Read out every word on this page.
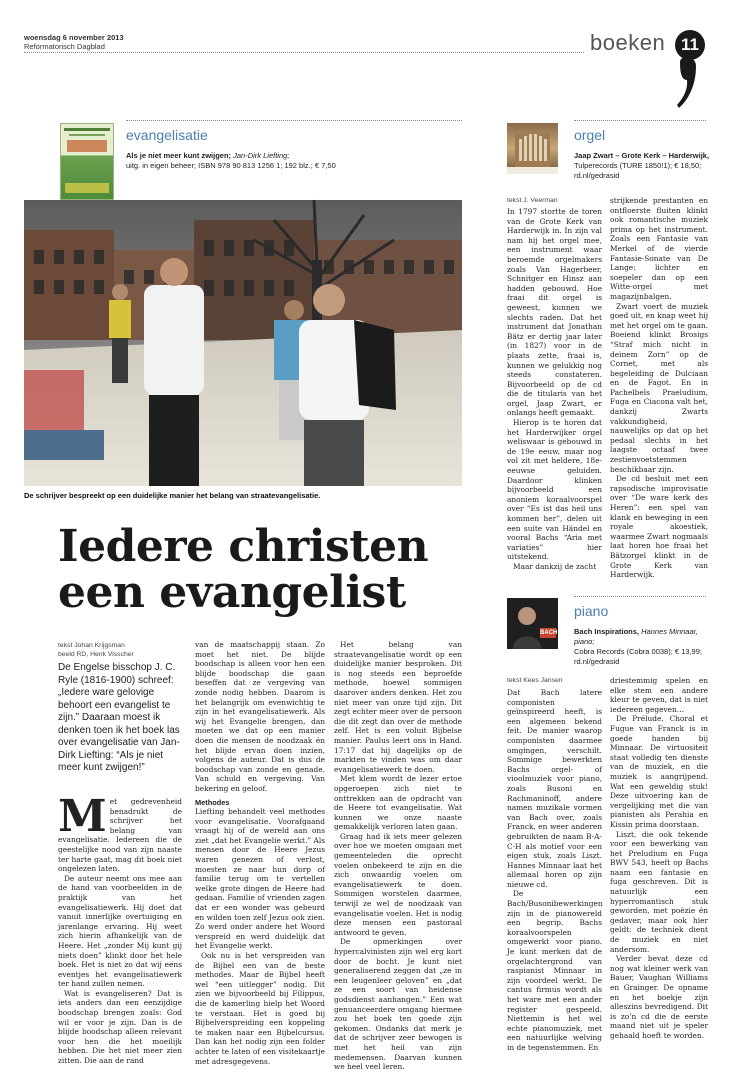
woensdag 6 november 2013
Reformatorisch Dagblad	boeken 11
evangelisatie
Als je niet meer kunt zwijgen; Jan-Dirk Liefting;
uitg. in eigen beheer; ISBN 978 90 813 1256 1; 192 blz.; € 7,50
De schrijver bespreekt op een duidelijke manier het belang van straatevangelisatie.
Iedere christen
een evangelist
tekst Johan Krijgsman
beeld RD, Henk Visscher
De Engelse bisschop J. C. Ryle (1816-1900) schreef: „Iedere ware gelovige behoort een evangelist te zijn.” Daaraan moest ik denken toen ik het boek las over evangelisatie van Jan-Dirk Liefting: “Als je niet meer kunt zwijgen!”
M et gedrevenheid benadrukt de schrijver het belang van evangelisatie. Iedereen die de geestelijke nood van zijn naaste ter harte gaat, mag dit boek niet ongelezen laten.

De auteur neemt ons mee aan de hand van voorbeelden in de praktijk van het evangelisatiewerk. Hij doet dat vanuit innerlijke overtuiging en jarenlange ervaring. Hij weet zich hierin afhankelijk van de Heere. Het „zonder Mij kunt gij niets doen” klinkt door het hele boek. Het is niet zo dat wij eens eventjes het evangelisatiewerk ter hand zullen nemen.

Wat is evangeliseren? Dat is iets anders dan een eenzijdige boodschap brengen zoals: God wil er voor je zijn. Dan is de blijde boodschap alleen relevant voor hen die het moeilijk hebben. Die het niet meer zien zitten. Die aan de rand

van de maatschappij staan. Zo moet het niet. De blijde boodschap is alleen voor hen een blijde boodschap die gaan beseffen dat ze vergeving van zonde nodig hebben. Daarom is het belangrijk om evenwichtig te zijn in het evangelisatiewerk. Als wij het Evangelie brengen, dan moeten we dat op een manier doen die mensen de noodzaak én het blijde ervan doen inzien, volgens de auteur. Dat is dus de boodschap van zonde en genade. Van schuld en vergeving. Van bekering en geloof.

Methodes

Liefting behandelt veel methodes voor evangelisatie. Voorafgaand vraagt hij of de wereld aan ons ziet „dat het Evangelie werkt.” Als mensen door de Heere Jezus waren genezen of verlost, moesten ze naar hun dorp of familie terug om te vertellen welke grote dingen de Heere had gedaan. Familie of vrienden zagen dat er een wonder was gebeurd en wilden toen zelf Jezus ook zien. Zo werd onder andere het Woord verspreid en werd duidelijk dat het Evangelie werkt.

Ook nu is het verspreiden van de Bijbel een van de beste methodes. Maar de Bijbel heeft wel “een uitlegger” nodig. Dit zien we bijvoorbeeld bij Filippus, die de kamerling hielp het Woord te verstaan. Het is goed bij Bijbelverspreiding een koppeling te maken naar een Bijbelcursus. Dan kan het nodig zijn een folder achter te laten of een visitekaartje met adresgegevens.

Het belang van straatevangelisatie wordt op een duidelijke manier besproken. Dit is nog steeds een beproefde methode, hoewel sommigen daarover anders denken. Het zou niet meer van onze tijd zijn. Dit zegt echter meer over de persoon die dit zegt dan over de methode zelf. Het is een voluit Bijbelse manier. Paulus leert ons in Hand. 17:17 dat hij dagelijks op de markten te vinden was om daar evangelisatiewerk te doen.

Met klem wordt de lezer ertoe opgeroepen zich niet te onttrekken aan de opdracht van de Heere tot evangelisatie. Wat kunnen we onze naaste gemakkelijk verloren laten gaan.

Graag had ik iets meer gelezen over hoe we moeten omgaan met gemeenteleden die oprecht voelen onbekeerd te zijn en die zich onwaardig voelen om evangelisatiewerk te doen. Sommigen worstelen daarmee, terwijl ze wel de noodzaak van evangelisatie voelen. Het is nodig deze mensen een pastoraal antwoord te geven.

De opmerkingen over hypercalvinisten zijn wel erg kort door de bocht. Je kunt niet generaliserend zeggen dat „ze in een leugenleer geloven” en „dat ze een soort van heidense godsdienst aanhangen.” Een wat genuanceerdere omgang hiermee zou het boek ten goede zijn gekomen. Ondanks dat merk je dat de schrijver zeer bewogen is met het heil van zijn medemensen. Daarvan kunnen we heel veel leren.

orgel
Jaap Zwart – Grote Kerk – Harderwijk,
Tulperecords (TURE 1850!1); € 18,50; rd.nl/gedrasid
tekst J. Veerman

In 1797 stortte de toren van de Grote Kerk van Harderwijk in. In zijn val nam hij het orgel mee, een instrument waar beroemde orgelmakers zoals Van Hagerbeer, Schnitger en Hinsz aan hadden gebouwd. Hoe fraai dit orgel is geweest, kunnen we slechts raden. Dat het instrument dat Jonathan Bätz er dertig jaar later (in 1827) voor in de plaats zette, fraai is, kunnen we gelukkig nog steeds constateren. Bijvoorbeeld op de cd die de titularis van het orgel, Jaap Zwart, er onlangs heeft gemaakt.

Hierop is te horen dat het Harderwijker orgel weliswaar is gebouwd in de 19e eeuw, maar nog vol zit met heldere, 18e-eeuwse geluiden. Daardoor klinken bijvoorbeeld een anoniem koraalvoorspel over “Es ist das heil uns kommen her”, delen uit een suite van Händel en vooral Bachs “Aria met variaties” hier uitstekend.

Maar dankzij de zacht

strijkende prestanten en ontfloerste fluiten klinkt ook romantische muziek prima op het instrument. Zoals een Fantasie van Merkel of de vierde Fantasie-Sonate van De Lange: lichter en soepeler dan op een Witte-orgel met magazijnbalgen.

Zwart voert de muziek goed uit, en knap weet hij met het orgel om te gaan. Boeiend klinkt Brosigs “Straf mich nicht in deinem Zorn” op de Cornet, met als begeleiding de Dulciaan en de Fagot. En in Pachelbels Praeludium, Fuga en Ciacona valt het, dankzij Zwarts vakkundigheid, nauwelijks op dat op het pedaal slechts in het laagste octaaf twee zestienvoetstemmen beschikbaar zijn.

De cd besluit met een rapsodische improvisatie over “De ware kerk des Heren”: een spel van klank en beweging in een royale akoestiek, waarmee Zwart nogmaals laat horen hoe fraai het Bätzorgel klinkt in de Grote Kerk van Harderwijk.

BACH
piano
Bach Inspirations, Hannes Minnaar, piano;
Cobra Records (Cobra 0038); € 13,99; rd.nl/gedrasid
tekst Kees Jansen

Dat Bach latere componisten geïnspireerd heeft, is een algemeen bekend feit. De manier waarop componisten daarmee omgingen, verschilt. Sommige bewerkten Bachs orgel- of vioolmuziek voor piano, zoals Busoni en Rachmaninoff, andere namen muzikale vormen van Bach over, zoals Franck, en weer anderen gebruikten de naam B-A-C-H als motief voor een eigen stuk, zoals Liszt. Hannes Minnaar laat het allemaal horen op zijn nieuwe cd.

De Bach/Busonibewerkingen zijn in de pianowereld een begrip. Bachs koraalvoorspelen omgewerkt voor piano. Je kunt merken dat de orgelachtergrond van raspianist Minnaar in zijn voordeel werkt. De cantus firmus wordt als het ware met een ander register gespeeld. Niettemin is het wel echte pianomuziek, met een natuurlijke welving in de tegenstemmen. En

driestemmig spelen en elke stem een andere kleur te geven, dat is niet iedereen gegeven…

De Prélude, Choral et Fugue van Franck is in goede handen bij Minnaar. De virtuositeit staat volledig ten dienste van de muziek, en die muziek is aangrijpend. Wat een geweldig stuk! Deze uitvoering kan de vergelijking met die van pianisten als Perahia en Kissin prima doorstaan.

Liszt, die ook tekende voor een bewerking van het Preludium en Fuga BWV 543, heeft op Bachs naam een fantasie en fuga geschreven. Dit is natuurlijk een hyperromantisch stuk geworden, met poëzie én gedaver, maar ook hier geldt: de techniek dient de muziek en niet andersom.

Verder bevat deze cd nog wat kleiner werk van Bauer, Vaughan Williams en Grainger. De opname en het boekje zijn alleszins bevredigend. Dit is zo’n cd die de eerste maand niet uit je speler gehaald hoeft te worden.
